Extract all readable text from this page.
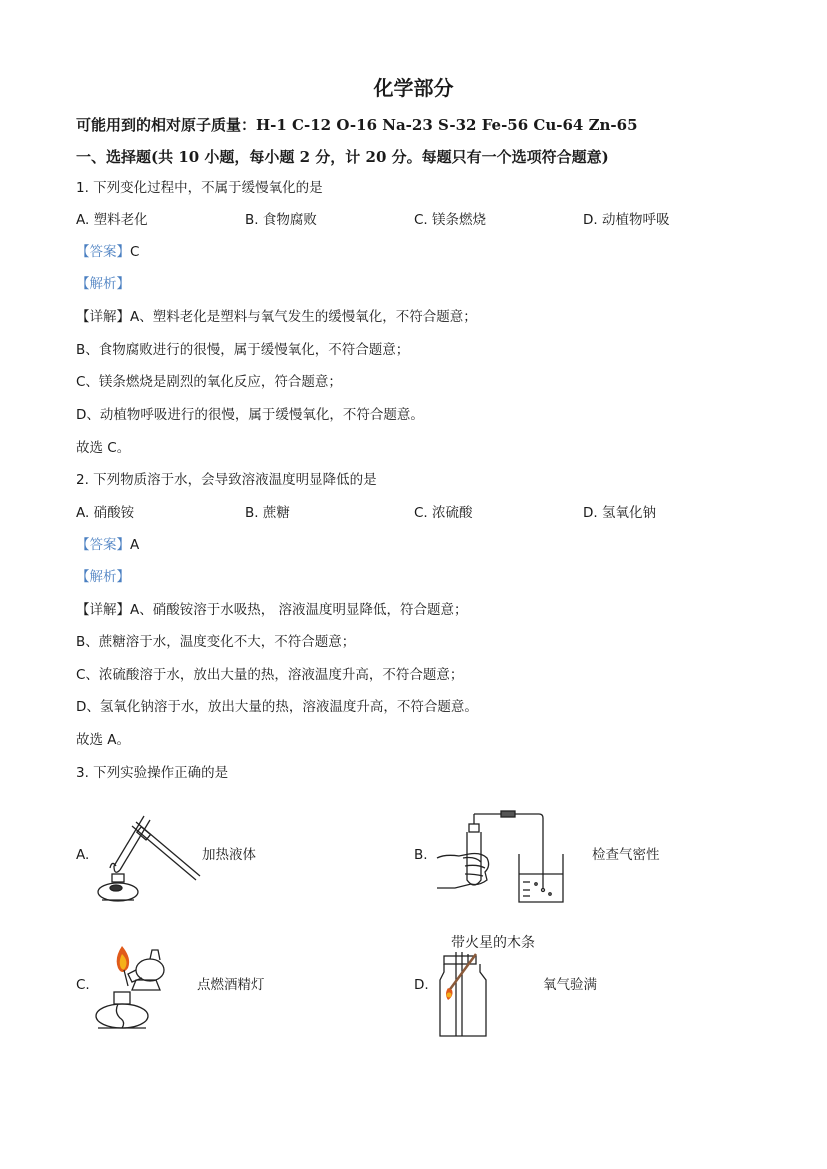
化学部分
可能用到的相对原子质量：H-1 C-12 O-16 Na-23 S-32 Fe-56 Cu-64 Zn-65
一、选择题(共 10 小题，每小题 2 分，计 20 分。每题只有一个选项符合题意)
1. 下列变化过程中，不属于缓慢氧化的是
A. 塑料老化	B. 食物腐败	C. 镁条燃烧	D. 动植物呼吸
【答案】C
【解析】
【详解】A、塑料老化是塑料与氧气发生的缓慢氧化，不符合题意；
B、食物腐败进行的很慢，属于缓慢氧化，不符合题意；
C、镁条燃烧是剧烈的氧化反应，符合题意；
D、动植物呼吸进行的很慢，属于缓慢氧化，不符合题意。
故选 C。
2. 下列物质溶于水，会导致溶液温度明显降低的是
A. 硝酸铵	B. 蔗糖	C. 浓硫酸	D. 氢氧化钠
【答案】A
【解析】
【详解】A、硝酸铵溶于水吸热， 溶液温度明显降低，符合题意；
B、蔗糖溶于水，温度变化不大，不符合题意；
C、浓硫酸溶于水，放出大量的热，溶液温度升高，不符合题意；
D、氢氧化钠溶于水，放出大量的热，溶液温度升高，不符合题意。
故选 A。
3. 下列实验操作正确的是
A.	加热液体	B.	检查气密性
C.	点燃酒精灯	D.
带火星的木条
氧气验满
